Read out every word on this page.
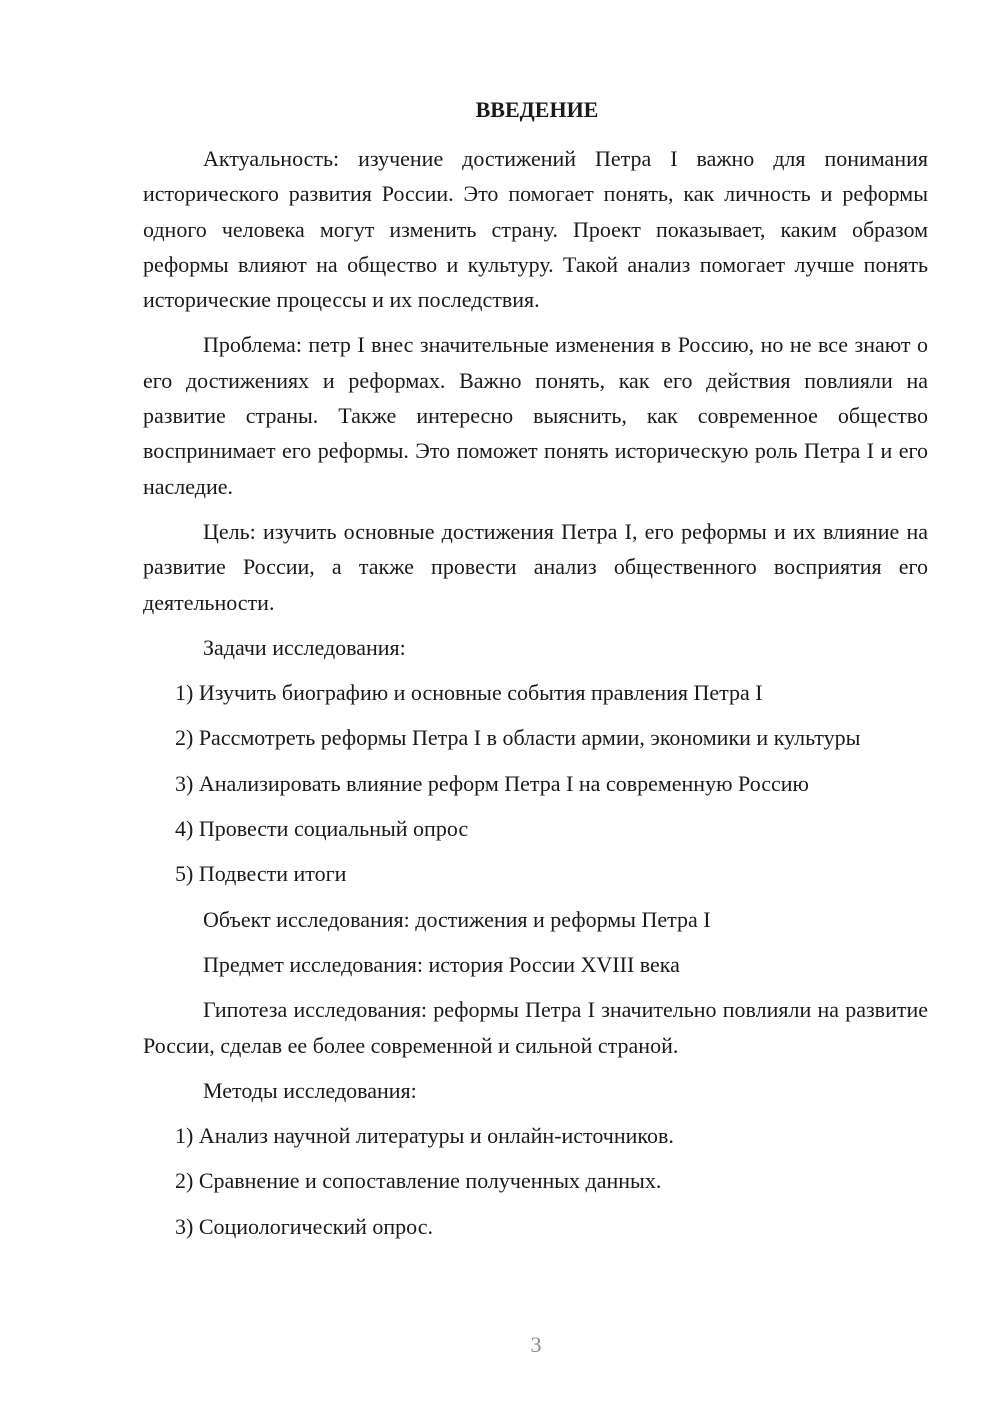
ВВЕДЕНИЕ

Актуальность: изучение достижений Петра I важно для понимания исторического развития России. Это помогает понять, как личность и реформы одного человека могут изменить страну. Проект показывает, каким образом реформы влияют на общество и культуру. Такой анализ помогает лучше понять исторические процессы и их последствия.

Проблема: петр I внес значительные изменения в Россию, но не все знают о его достижениях и реформах. Важно понять, как его действия повлияли на развитие страны. Также интересно выяснить, как современное общество воспринимает его реформы. Это поможет понять историческую роль Петра I и его наследие.

Цель: изучить основные достижения Петра I, его реформы и их влияние на развитие России, а также провести анализ общественного восприятия его деятельности.

Задачи исследования:

1) Изучить биографию и основные события правления Петра I

2) Рассмотреть реформы Петра I в области армии, экономики и культуры

3) Анализировать влияние реформ Петра I на современную Россию

4) Провести социальный опрос

5) Подвести итоги

Объект исследования: достижения и реформы Петра I

Предмет исследования: история России XVIII века

Гипотеза исследования: реформы Петра I значительно повлияли на развитие России, сделав ее более современной и сильной страной.

Методы исследования:

1) Анализ научной литературы и онлайн-источников.

2) Сравнение и сопоставление полученных данных.

3) Социологический опрос.

3
